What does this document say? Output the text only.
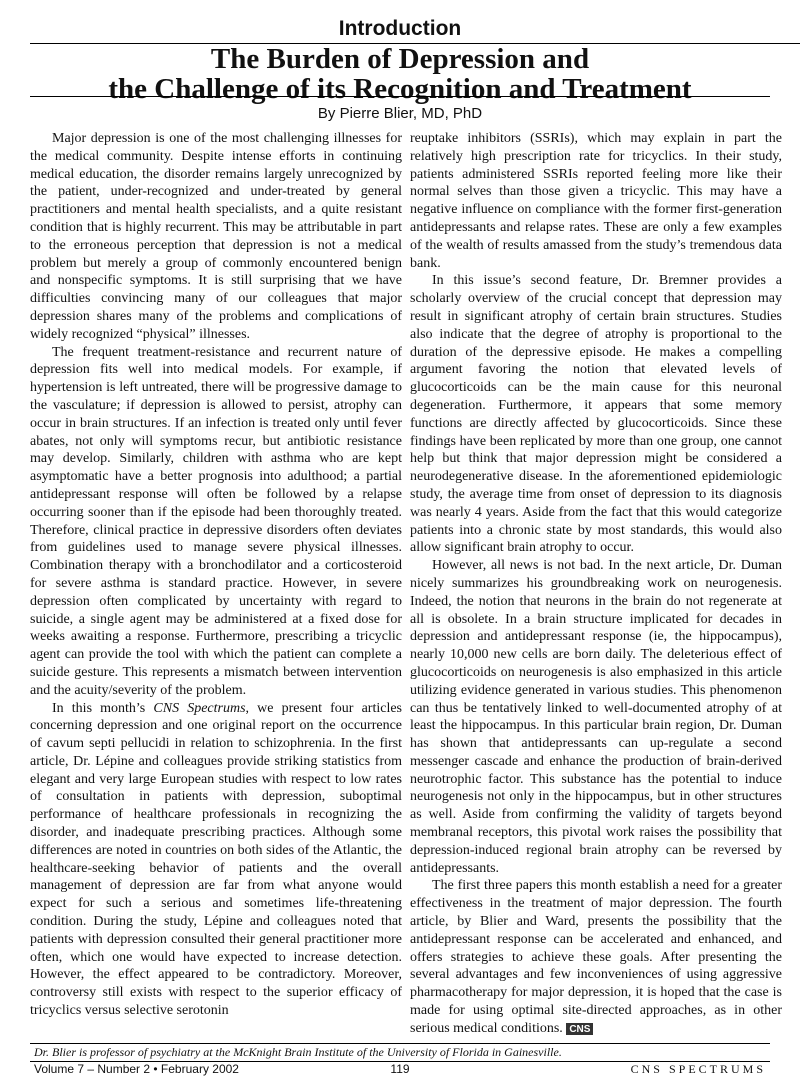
Introduction
The Burden of Depression and
the Challenge of its Recognition and Treatment
By Pierre Blier, MD, PhD

Major depression is one of the most challenging illnesses for the medical community. Despite intense efforts in continuing medical education, the disorder remains largely unrecognized by the patient, under-recognized and under-treated by general practitioners and mental health specialists, and a quite resistant condition that is highly recurrent. This may be attributable in part to the erroneous perception that depression is not a medical problem but merely a group of commonly encountered benign and nonspecific symptoms. It is still surprising that we have difficulties convincing many of our colleagues that major depression shares many of the problems and complications of widely recognized “physical” illnesses.

The frequent treatment-resistance and recurrent nature of depression fits well into medical models. For example, if hypertension is left untreated, there will be progressive damage to the vasculature; if depression is allowed to persist, atrophy can occur in brain structures. If an infection is treated only until fever abates, not only will symptoms recur, but antibiotic resistance may develop. Similarly, children with asthma who are kept asymptomatic have a better prognosis into adulthood; a partial antidepressant response will often be followed by a relapse occurring sooner than if the episode had been thoroughly treated. Therefore, clinical practice in depressive disorders often deviates from guidelines used to manage severe physical illnesses. Combination therapy with a bronchodilator and a corticosteroid for severe asthma is standard practice. However, in severe depression often complicated by uncertainty with regard to suicide, a single agent may be administered at a fixed dose for weeks awaiting a response. Furthermore, prescribing a tricyclic agent can provide the tool with which the patient can complete a suicide gesture. This represents a mismatch between intervention and the acuity/severity of the problem.

In this month’s CNS Spectrums, we present four articles concerning depression and one original report on the occurrence of cavum septi pellucidi in relation to schizophrenia. In the first article, Dr. Lépine and colleagues provide striking statistics from elegant and very large European studies with respect to low rates of consultation in patients with depression, suboptimal performance of healthcare professionals in recognizing the disorder, and inadequate prescribing practices. Although some differences are noted in countries on both sides of the Atlantic, the healthcare-seeking behavior of patients and the overall management of depression are far from what anyone would expect for such a serious and sometimes life-threatening condition. During the study, Lépine and colleagues noted that patients with depression consulted their general practitioner more often, which one would have expected to increase detection. However, the effect appeared to be contradictory. Moreover, controversy still exists with respect to the superior efficacy of tricyclics versus selective serotonin

reuptake inhibitors (SSRIs), which may explain in part the relatively high prescription rate for tricyclics. In their study, patients administered SSRIs reported feeling more like their normal selves than those given a tricyclic. This may have a negative influence on compliance with the former first-generation antidepressants and relapse rates. These are only a few examples of the wealth of results amassed from the study’s tremendous data bank.

In this issue’s second feature, Dr. Bremner provides a scholarly overview of the crucial concept that depression may result in significant atrophy of certain brain structures. Studies also indicate that the degree of atrophy is proportional to the duration of the depressive episode. He makes a compelling argument favoring the notion that elevated levels of glucocorticoids can be the main cause for this neuronal degeneration. Furthermore, it appears that some memory functions are directly affected by glucocorticoids. Since these findings have been replicated by more than one group, one cannot help but think that major depression might be considered a neurodegenerative disease. In the aforementioned epidemiologic study, the average time from onset of depression to its diagnosis was nearly 4 years. Aside from the fact that this would categorize patients into a chronic state by most standards, this would also allow significant brain atrophy to occur.

However, all news is not bad. In the next article, Dr. Duman nicely summarizes his groundbreaking work on neurogenesis. Indeed, the notion that neurons in the brain do not regenerate at all is obsolete. In a brain structure implicated for decades in depression and antidepressant response (ie, the hippocampus), nearly 10,000 new cells are born daily. The deleterious effect of glucocorticoids on neurogenesis is also emphasized in this article utilizing evidence generated in various studies. This phenomenon can thus be tentatively linked to well-documented atrophy of at least the hippocampus. In this particular brain region, Dr. Duman has shown that antidepressants can up-regulate a second messenger cascade and enhance the production of brain-derived neurotrophic factor. This substance has the potential to induce neurogenesis not only in the hippocampus, but in other structures as well. Aside from confirming the validity of targets beyond membranal receptors, this pivotal work raises the possibility that depression-induced regional brain atrophy can be reversed by antidepressants.

The first three papers this month establish a need for a greater effectiveness in the treatment of major depression. The fourth article, by Blier and Ward, presents the possibility that the antidepressant response can be accelerated and enhanced, and offers strategies to achieve these goals. After presenting the several advantages and few inconveniences of using aggressive pharmacotherapy for major depression, it is hoped that the case is made for using optimal site-directed approaches, as in other serious medical conditions. CNS

Dr. Blier is professor of psychiatry at the McKnight Brain Institute of the University of Florida in Gainesville.
Volume 7 – Number 2 • February 2002	119	CNS SPECTRUMS
